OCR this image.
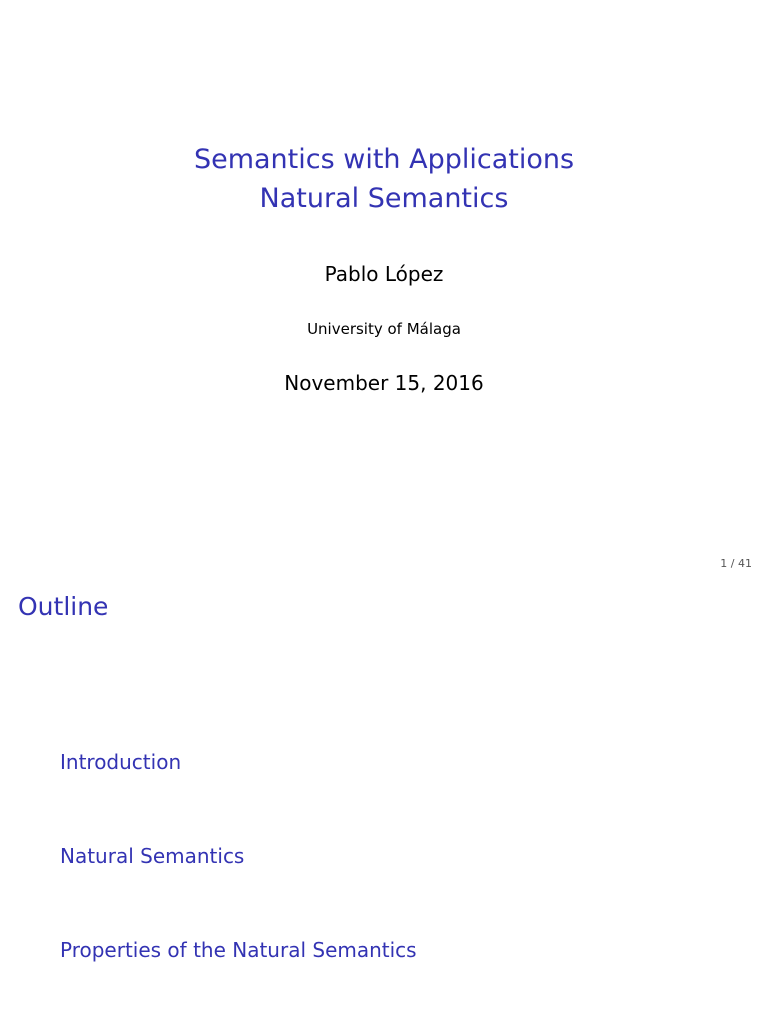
Semantics with Applications
Natural Semantics
Pablo López
University of Málaga
November 15, 2016
1 / 41
Outline
Introduction
Natural Semantics
Properties of the Natural Semantics
